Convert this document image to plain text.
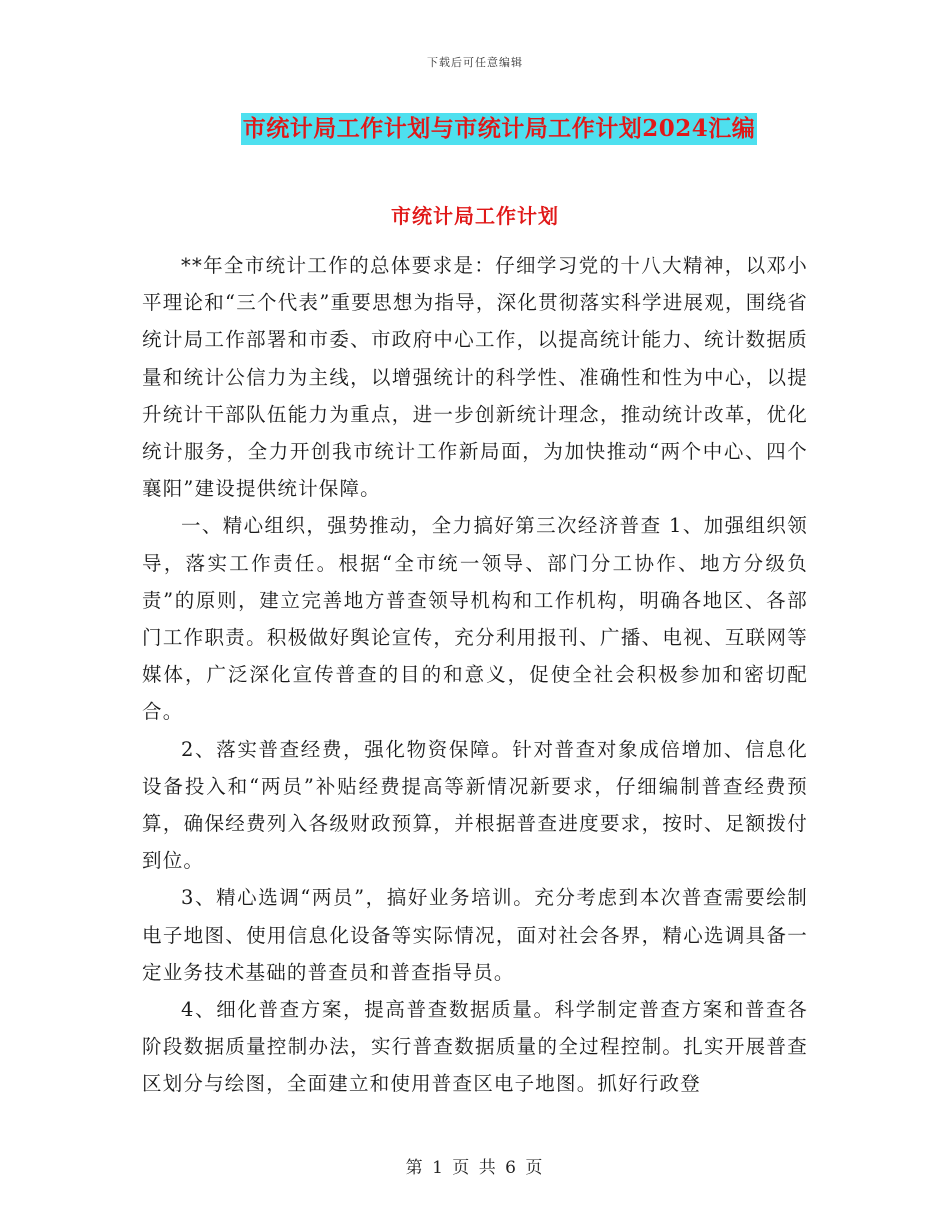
下载后可任意编辑
市统计局工作计划与市统计局工作计划2024汇编
市统计局工作计划

**年全市统计工作的总体要求是：仔细学习党的十八大精神，以邓小平理论和“三个代表”重要思想为指导，深化贯彻落实科学进展观，围绕省统计局工作部署和市委、市政府中心工作，以提高统计能力、统计数据质量和统计公信力为主线，以增强统计的科学性、准确性和性为中心，以提升统计干部队伍能力为重点，进一步创新统计理念，推动统计改革，优化统计服务，全力开创我市统计工作新局面，为加快推动“两个中心、四个襄阳”建设提供统计保障。

一、精心组织，强势推动，全力搞好第三次经济普查 1、加强组织领导，落实工作责任。根据“全市统一领导、部门分工协作、地方分级负责”的原则，建立完善地方普查领导机构和工作机构，明确各地区、各部门工作职责。积极做好舆论宣传，充分利用报刊、广播、电视、互联网等媒体，广泛深化宣传普查的目的和意义，促使全社会积极参加和密切配合。

2、落实普查经费，强化物资保障。针对普查对象成倍增加、信息化设备投入和“两员”补贴经费提高等新情况新要求，仔细编制普查经费预算，确保经费列入各级财政预算，并根据普查进度要求，按时、足额拨付到位。

3、精心选调“两员”，搞好业务培训。充分考虑到本次普查需要绘制电子地图、使用信息化设备等实际情况，面对社会各界，精心选调具备一定业务技术基础的普查员和普查指导员。

4、细化普查方案，提高普查数据质量。科学制定普查方案和普查各阶段数据质量控制办法，实行普查数据质量的全过程控制。扎实开展普查区划分与绘图，全面建立和使用普查区电子地图。抓好行政登

第 1 页 共 6 页
